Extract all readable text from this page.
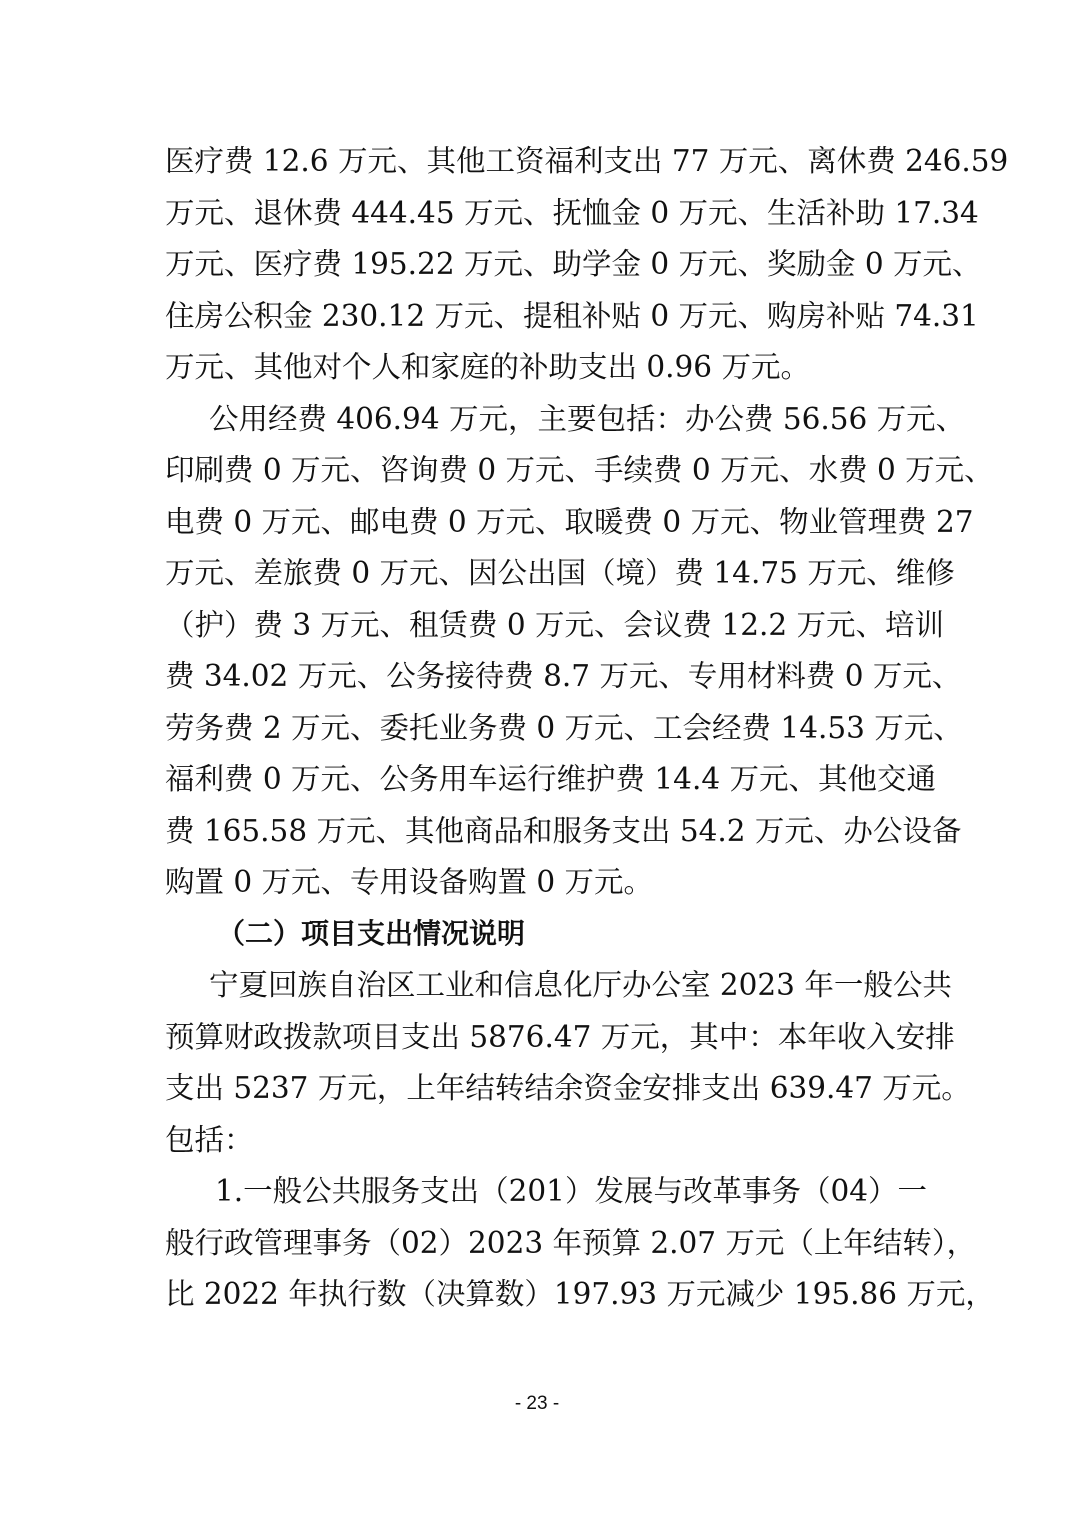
医疗费 12.6 万元、其他工资福利支出 77 万元、离休费 246.59
万元、退休费 444.45 万元、抚恤金 0 万元、生活补助 17.34
万元、医疗费 195.22 万元、助学金 0 万元、奖励金 0 万元、
住房公积金 230.12 万元、提租补贴 0 万元、购房补贴 74.31
万元、其他对个人和家庭的补助支出 0.96 万元。
公用经费 406.94 万元，主要包括：办公费 56.56 万元、
印刷费 0 万元、咨询费 0 万元、手续费 0 万元、水费 0 万元、
电费 0 万元、邮电费 0 万元、取暖费 0 万元、物业管理费 27
万元、差旅费 0 万元、因公出国（境）费 14.75 万元、维修
（护）费 3 万元、租赁费 0 万元、会议费 12.2 万元、培训
费 34.02 万元、公务接待费 8.7 万元、专用材料费 0 万元、
劳务费 2 万元、委托业务费 0 万元、工会经费 14.53 万元、
福利费 0 万元、公务用车运行维护费 14.4 万元、其他交通
费 165.58 万元、其他商品和服务支出 54.2 万元、办公设备
购置 0 万元、专用设备购置 0 万元。
（二）项目支出情况说明
宁夏回族自治区工业和信息化厅办公室 2023 年一般公共
预算财政拨款项目支出 5876.47 万元，其中：本年收入安排
支出 5237 万元，上年结转结余资金安排支出 639.47 万元。
包括：
1.一般公共服务支出（201）发展与改革事务（04）一
般行政管理事务（02）2023 年预算 2.07 万元（上年结转），
比 2022 年执行数（决算数）197.93 万元减少 195.86 万元，
- 23 -
